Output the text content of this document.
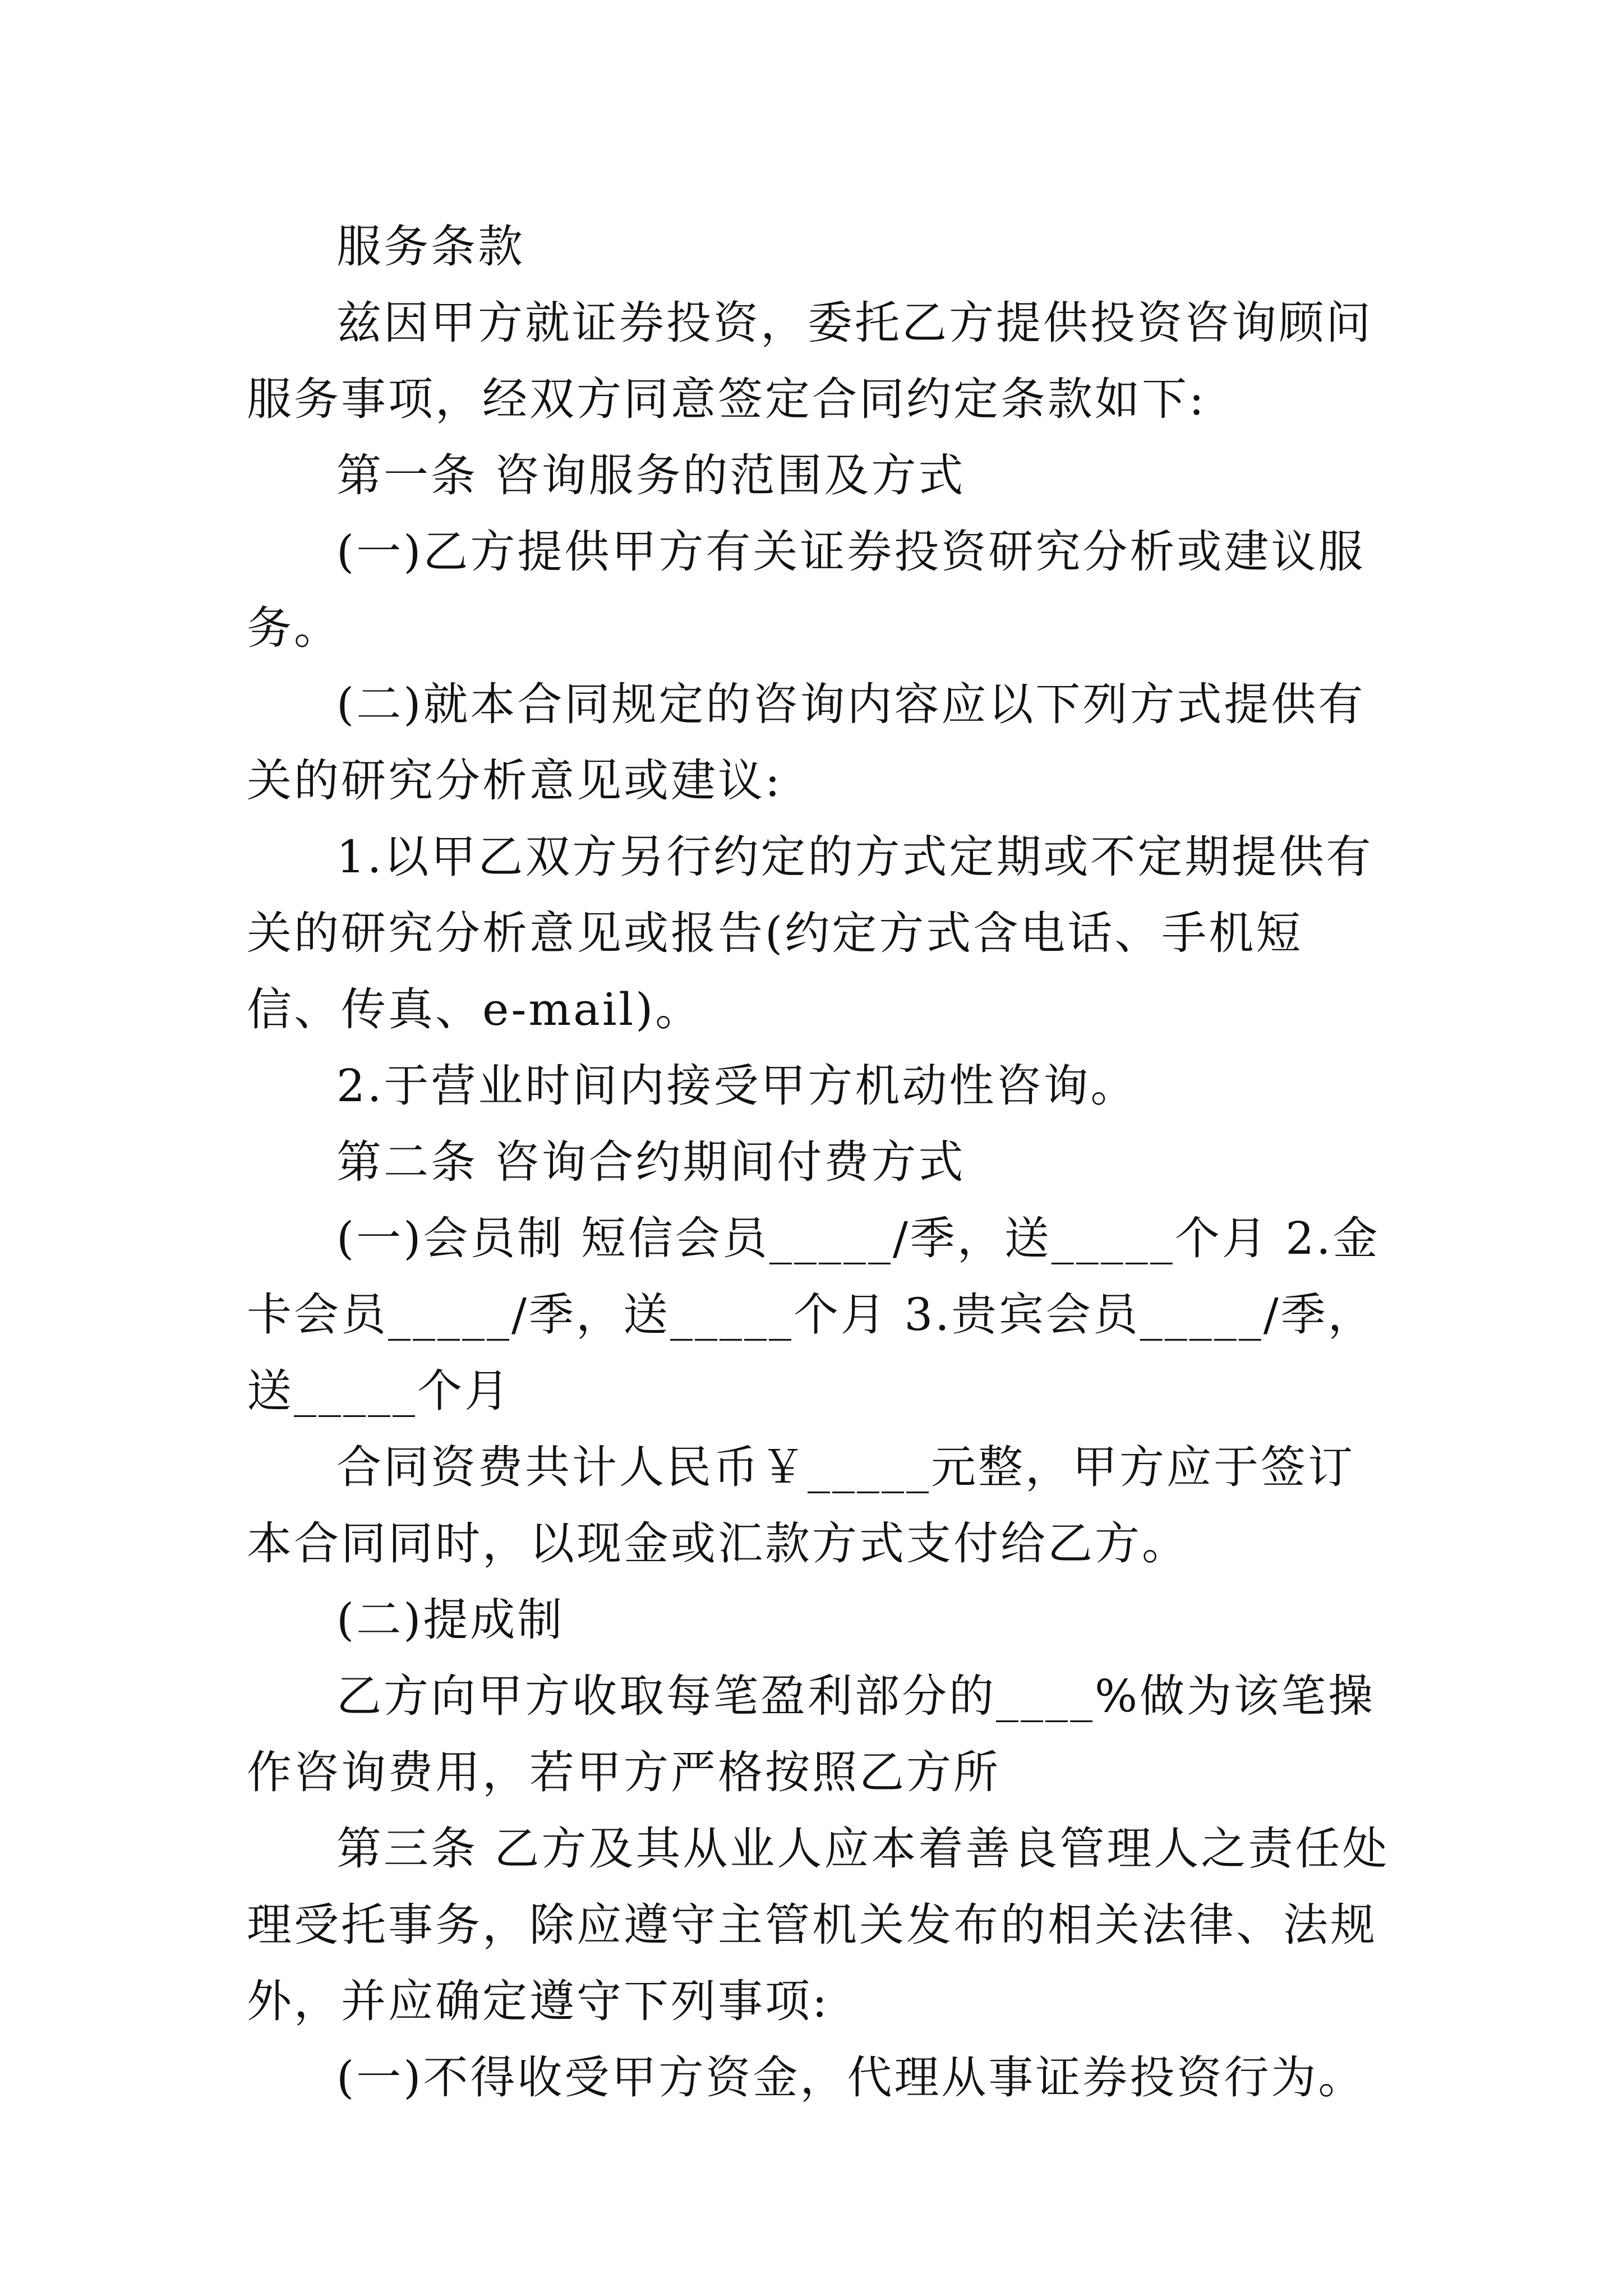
服务条款

兹因甲方就证券投资，委托乙方提供投资咨询顾问服务事项，经双方同意签定合同约定条款如下:

第一条 咨询服务的范围及方式

(一)乙方提供甲方有关证券投资研究分析或建议服务。

(二)就本合同规定的咨询内容应以下列方式提供有关的研究分析意见或建议:

1.以甲乙双方另行约定的方式定期或不定期提供有关的研究分析意见或报告(约定方式含电话、手机短信、传真、e-mail)。

2.于营业时间内接受甲方机动性咨询。

第二条 咨询合约期间付费方式

(一)会员制 短信会员_____/季，送_____个月 2.金卡会员_____/季，送_____个月 3.贵宾会员_____/季，送_____个月

合同资费共计人民币￥_____元整，甲方应于签订本合同同时，以现金或汇款方式支付给乙方。

(二)提成制

乙方向甲方收取每笔盈利部分的____%做为该笔操作咨询费用，若甲方严格按照乙方所

第三条 乙方及其从业人应本着善良管理人之责任处理受托事务，除应遵守主管机关发布的相关法律、法规外，并应确定遵守下列事项:

(一)不得收受甲方资金，代理从事证券投资行为。
